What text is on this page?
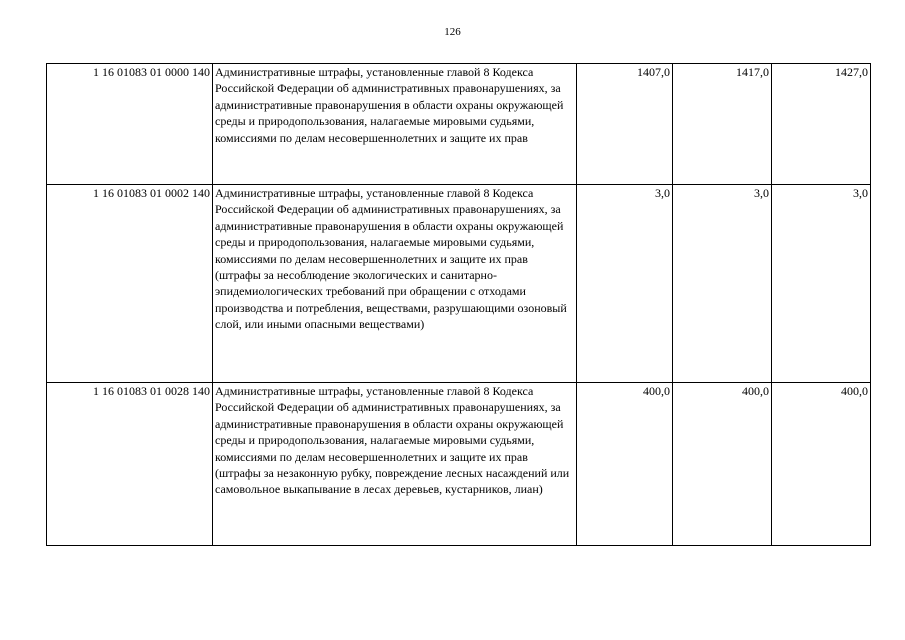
126
1 16 01083 01 0000 140	Административные штрафы, установленные главой 8 Кодекса Российской Федерации об административных правонарушениях, за административные правонарушения в области охраны окружающей среды и природопользования, налагаемые мировыми судьями, комиссиями по делам несовершеннолетних и защите их прав	1407,0	1417,0	1427,0
1 16 01083 01 0002 140	Административные штрафы, установленные главой 8 Кодекса Российской Федерации об административных правонарушениях, за административные правонарушения в области охраны окружающей среды и природопользования, налагаемые мировыми судьями, комиссиями по делам несовершеннолетних и защите их прав (штрафы за несоблюдение экологических и санитарно-эпидемиологических требований при обращении с отходами производства и потребления, веществами, разрушающими озоновый слой, или иными опасными веществами)	3,0	3,0	3,0
1 16 01083 01 0028 140	Административные штрафы, установленные главой 8 Кодекса Российской Федерации об административных правонарушениях, за административные правонарушения в области охраны окружающей среды и природопользования, налагаемые мировыми судьями, комиссиями по делам несовершеннолетних и защите их прав (штрафы за незаконную рубку, повреждение лесных насаждений или самовольное выкапывание в лесах деревьев, кустарников, лиан)	400,0	400,0	400,0
